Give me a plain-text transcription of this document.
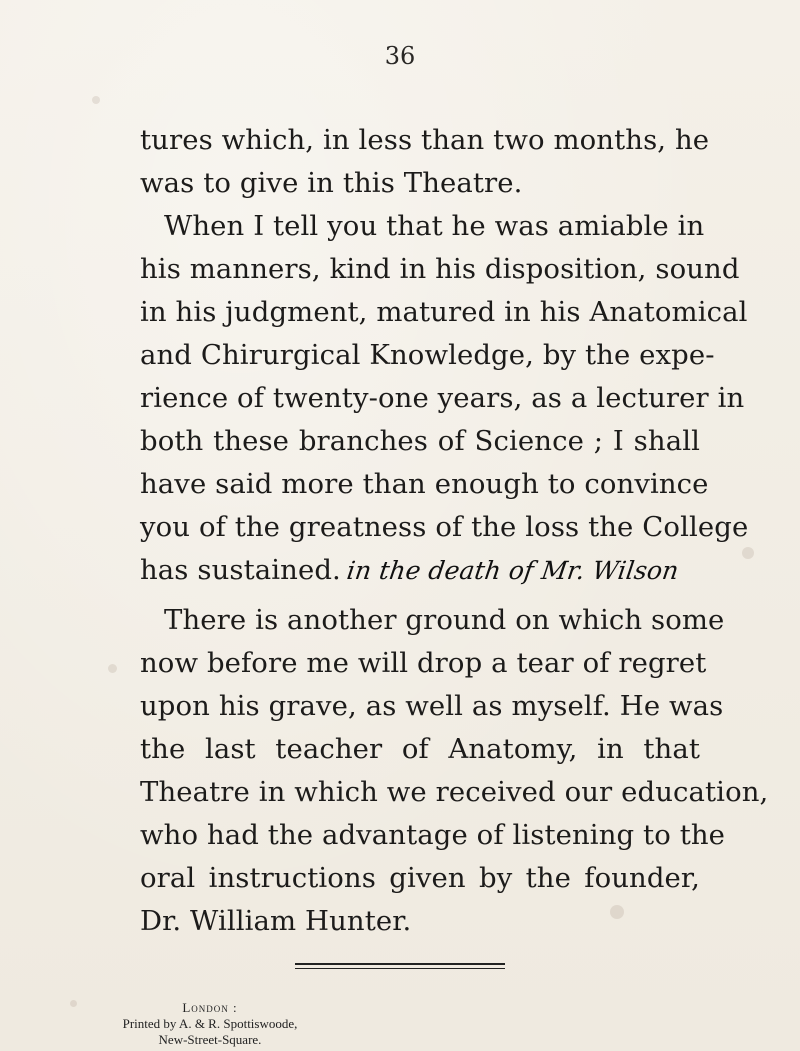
36
tures which, in less than two months, he
was to give in this Theatre.
When I tell you that he was amiable in
his manners, kind in his disposition, sound
in his judgment, matured in his Anatomical
and Chirurgical Knowledge, by the expe-
rience of twenty-one years, as a lecturer in
both these branches of Science ; I shall
have said more than enough to convince
you of the greatness of the loss the College
has sustained. in the death of Mr. Wilson
There is another ground on which some
now before me will drop a tear of regret
upon his grave, as well as myself. He was
the last teacher of Anatomy, in that
Theatre in which we received our education,
who had the advantage of listening to the
oral instructions given by the founder,
Dr. William Hunter.
London :
Printed by A. & R. Spottiswoode,
New-Street-Square.
